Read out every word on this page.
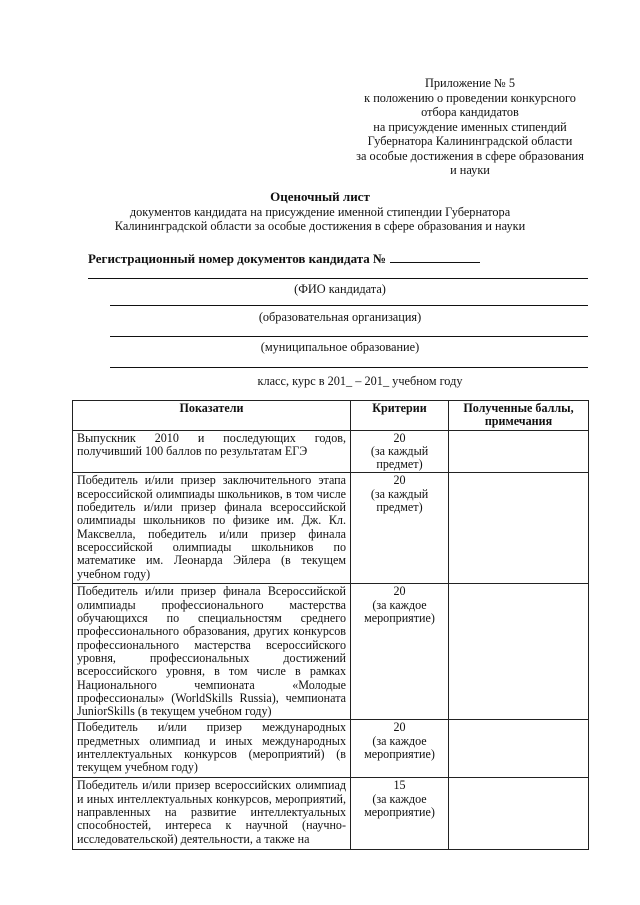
Приложение № 5
к положению о проведении конкурсного
отбора кандидатов
на присуждение именных стипендий
Губернатора Калининградской области
за особые достижения в сфере образования
и науки
Оценочный лист
документов кандидата на присуждение именной стипендии Губернатора
Калининградской области за особые достижения в сфере образования и науки
Регистрационный номер документов кандидата №
(ФИО кандидата)
(образовательная организация)
(муниципальное образование)
класс, курс в 201_ – 201_ учебном году
Показатели	Критерии	Полученные баллы, примечания
Выпускник 2010 и последующих годов, получивший 100 баллов по результатам ЕГЭ	20
(за каждый предмет)	

Победитель и/или призер заключительного этапа всероссийской олимпиады школьников, в том числе победитель и/или призер финала всероссийской олимпиады школьников по физике им. Дж. Кл. Максвелла, победитель и/или призер финала всероссийской олимпиады школьников по математике им. Леонарда Эйлера (в текущем учебном году)	20
(за каждый предмет)	

Победитель и/или призер финала Всероссийской олимпиады профессионального мастерства обучающихся по специальностям среднего профессионального образования, других конкурсов профессионального мастерства всероссийского уровня, профессиональных достижений всероссийского уровня, в том числе в рамках Национального чемпионата «Молодые профессионалы» (WorldSkills Russia), чемпионата JuniorSkills (в текущем учебном году)	20
(за каждое мероприятие)	

Победитель и/или призер международных предметных олимпиад и иных международных интеллектуальных конкурсов (мероприятий) (в текущем учебном году)	20
(за каждое мероприятие)	

Победитель и/или призер всероссийских олимпиад и иных интеллектуальных конкурсов, мероприятий, направленных на развитие интеллектуальных способностей, интереса к научной (научно-исследовательской) деятельности, а также на	15
(за каждое мероприятие)	
